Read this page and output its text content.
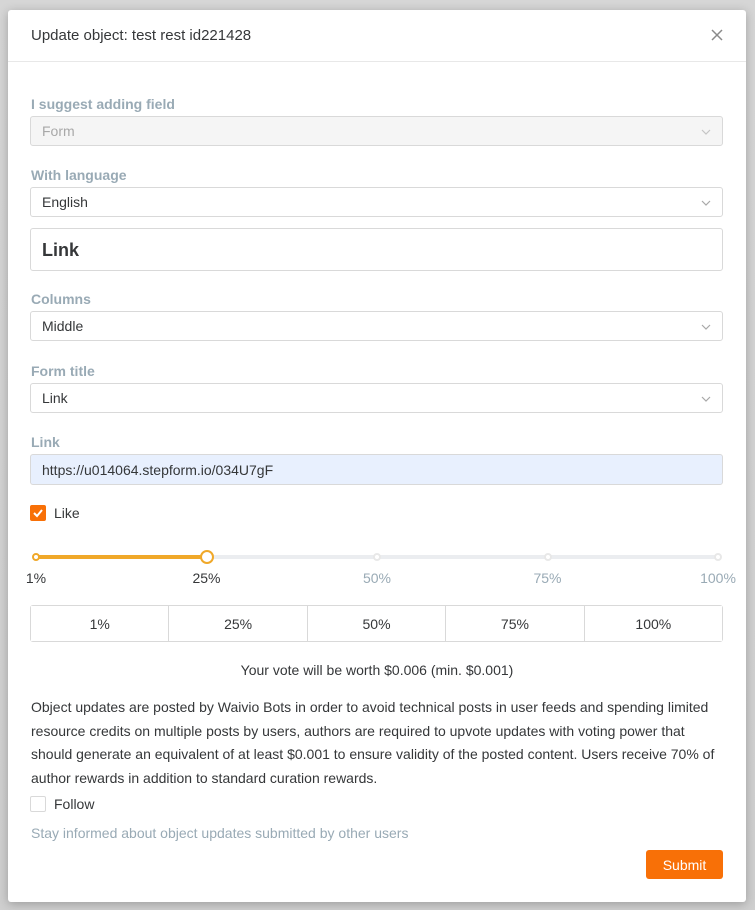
Update object: test rest id221428
I suggest adding field
Form
With language
English
Link
Columns
Middle
Form title
Link
Link
https://u014064.stepform.io/034U7gF
Like
1%	25%	50%	75%	100%
1%	25%	50%	75%	100%
Your vote will be worth $0.006 (min. $0.001)
Object updates are posted by Waivio Bots in order to avoid technical posts in user feeds and spending limited resource credits on multiple posts by users, authors are required to upvote updates with voting power that should generate an equivalent of at least $0.001 to ensure validity of the posted content. Users receive 70% of author rewards in addition to standard curation rewards.
Follow
Stay informed about object updates submitted by other users
Submit
